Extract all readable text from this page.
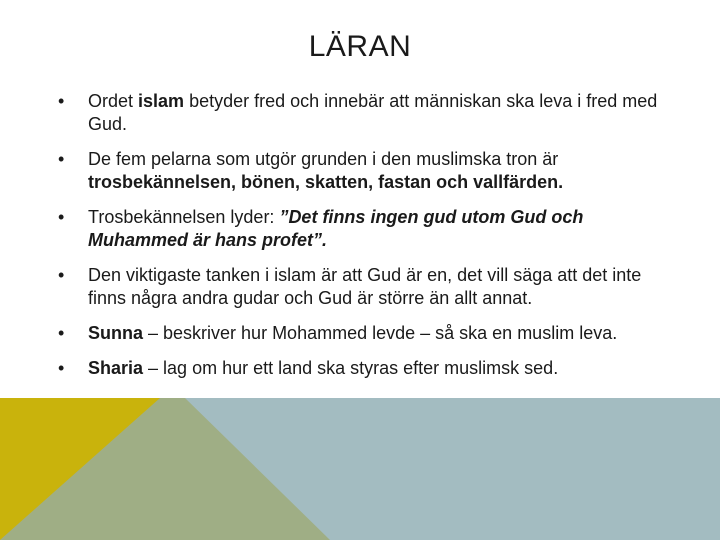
LÄRAN
• Ordet islam betyder fred och innebär att människan ska leva i fred med Gud.
• De fem pelarna som utgör grunden i den muslimska tron är trosbekännelsen, bönen, skatten, fastan och vallfärden.
• Trosbekännelsen lyder: ”Det finns ingen gud utom Gud och Muhammed är hans profet”.
• Den viktigaste tanken i islam är att Gud är en, det vill säga att det inte finns några andra gudar och Gud är större än allt annat.
• Sunna – beskriver hur Mohammed levde – så ska en muslim leva.
• Sharia – lag om hur ett land ska styras efter muslimsk sed.
